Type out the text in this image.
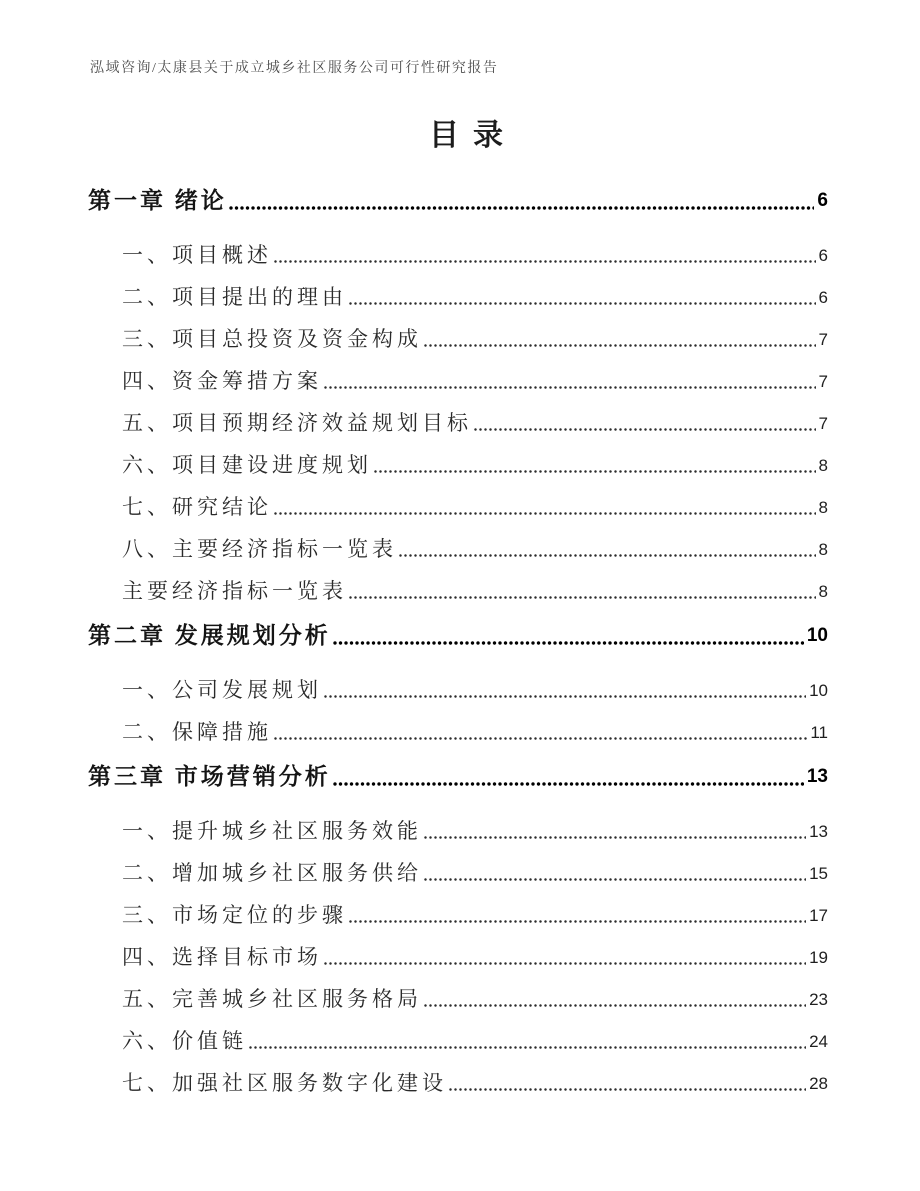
泓域咨询/太康县关于成立城乡社区服务公司可行性研究报告
目录
第一章 绪论	6
一、项目概述	6
二、项目提出的理由	6
三、项目总投资及资金构成	7
四、资金筹措方案	7
五、项目预期经济效益规划目标	7
六、项目建设进度规划	8
七、研究结论	8
八、主要经济指标一览表	8
主要经济指标一览表	8
第二章 发展规划分析	10
一、公司发展规划	10
二、保障措施	11
第三章 市场营销分析	13
一、提升城乡社区服务效能	13
二、增加城乡社区服务供给	15
三、市场定位的步骤	17
四、选择目标市场	19
五、完善城乡社区服务格局	23
六、价值链	24
七、加强社区服务数字化建设	28
